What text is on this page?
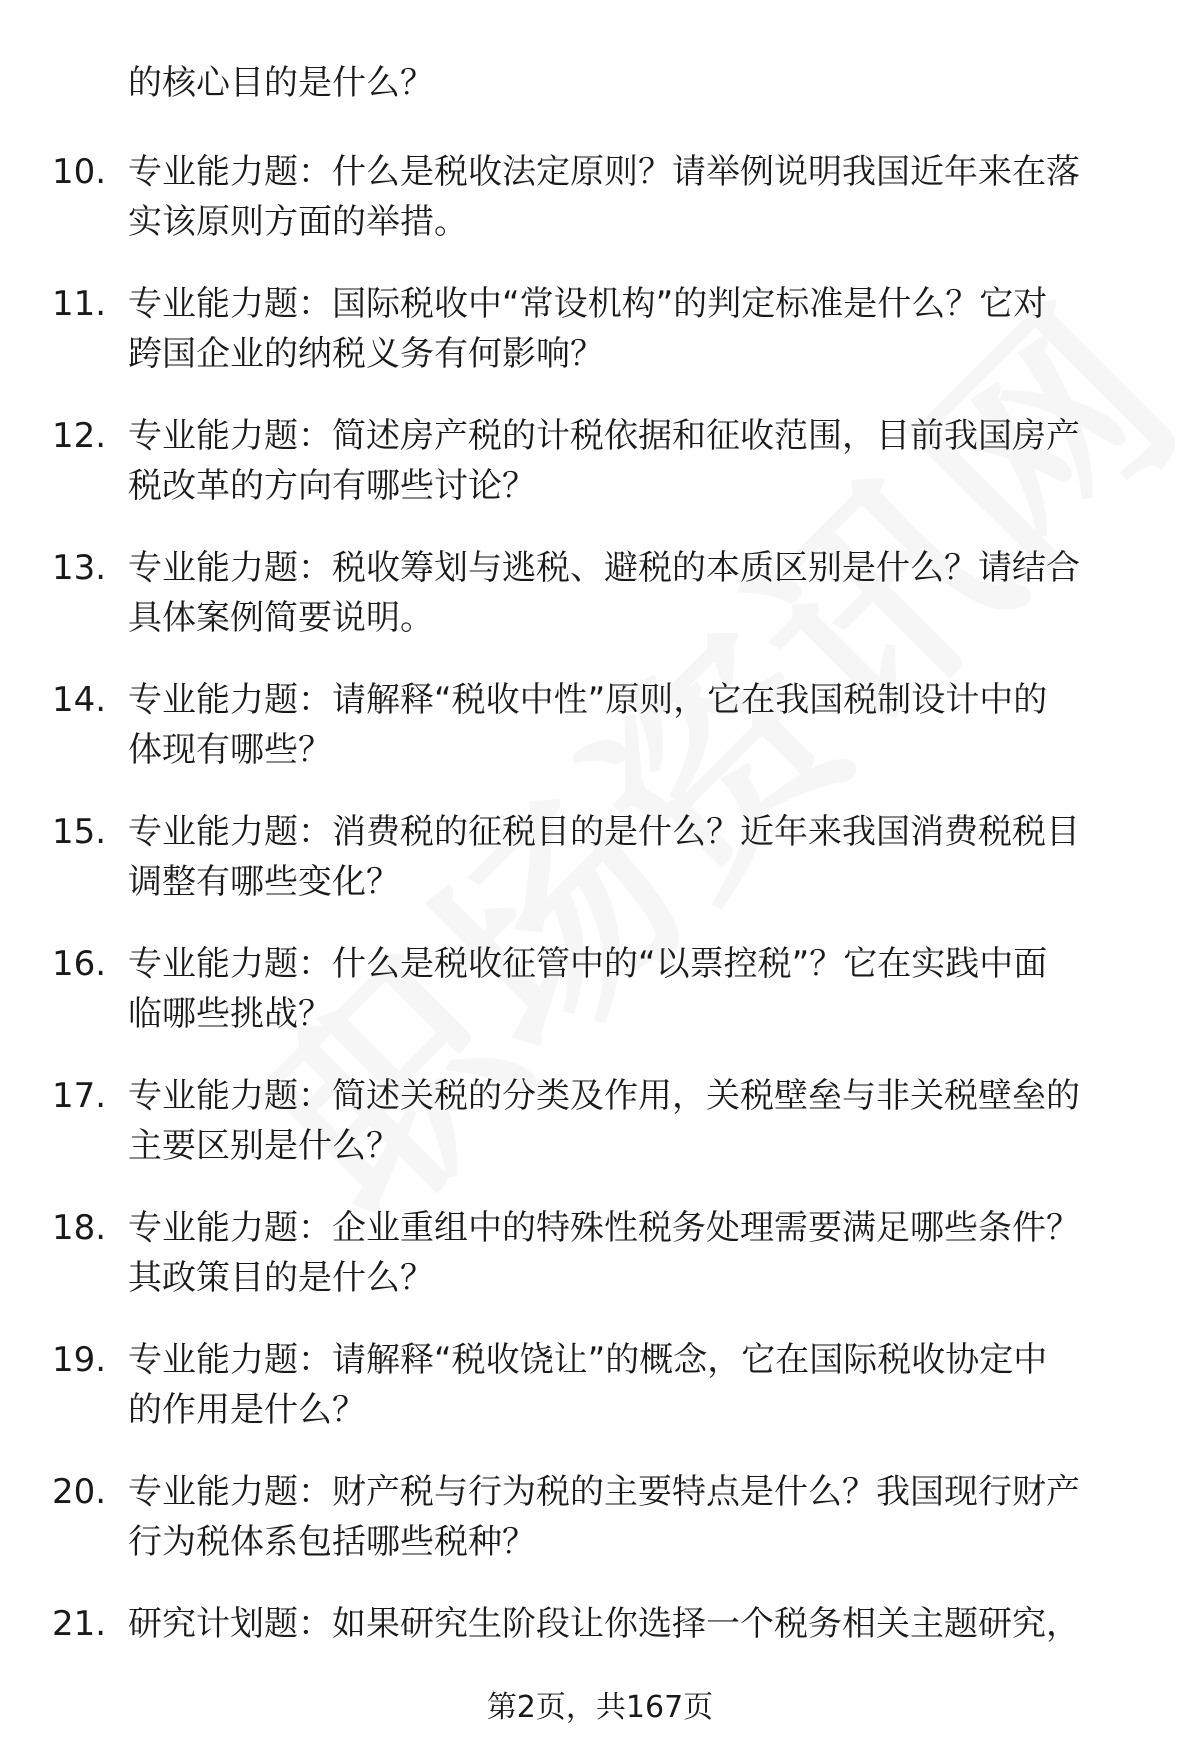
的核心目的是什么？
10. 专业能力题：什么是税收法定原则？请举例说明我国近年来在落
实该原则方面的举措。
11. 专业能力题：国际税收中“常设机构”的判定标准是什么？它对
跨国企业的纳税义务有何影响？
12. 专业能力题：简述房产税的计税依据和征收范围，目前我国房产
税改革的方向有哪些讨论？
13. 专业能力题：税收筹划与逃税、避税的本质区别是什么？请结合
具体案例简要说明。
14. 专业能力题：请解释“税收中性”原则，它在我国税制设计中的
体现有哪些？
15. 专业能力题：消费税的征税目的是什么？近年来我国消费税税目
调整有哪些变化？
16. 专业能力题：什么是税收征管中的“以票控税”？它在实践中面
临哪些挑战？
17. 专业能力题：简述关税的分类及作用，关税壁垒与非关税壁垒的
主要区别是什么？
18. 专业能力题：企业重组中的特殊性税务处理需要满足哪些条件？
其政策目的是什么？
19. 专业能力题：请解释“税收饶让”的概念，它在国际税收协定中
的作用是什么？
20. 专业能力题：财产税与行为税的主要特点是什么？我国现行财产
行为税体系包括哪些税种？
21. 研究计划题：如果研究生阶段让你选择一个税务相关主题研究，
第2页，共167页
